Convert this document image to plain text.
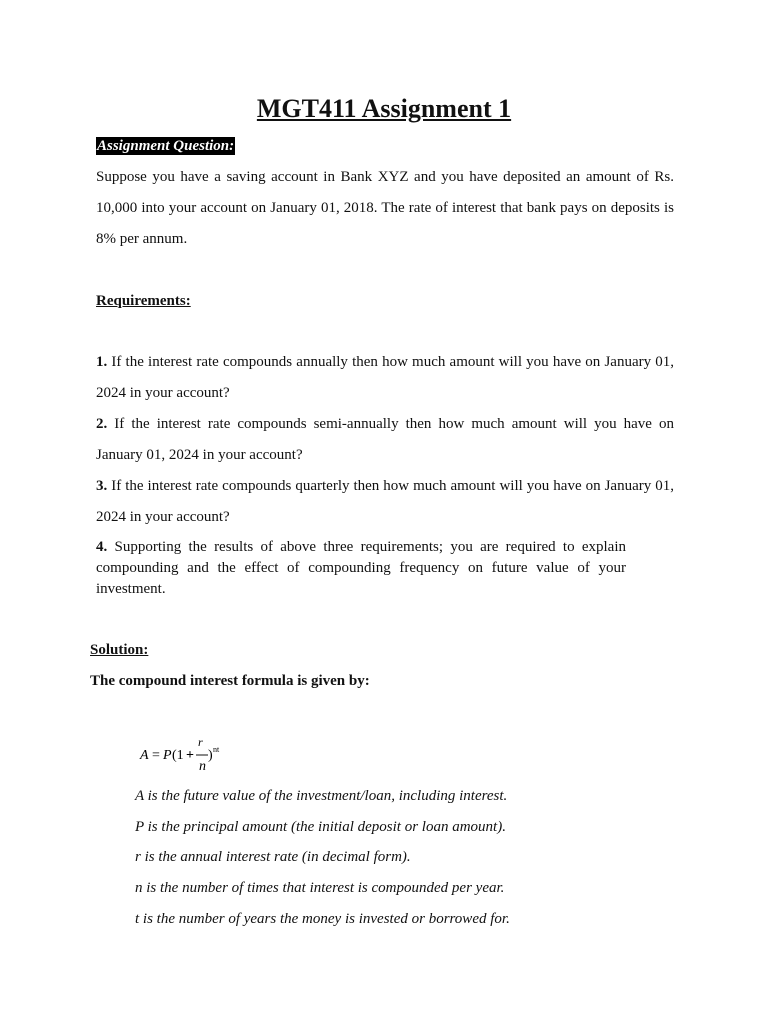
MGT411 Assignment 1
Assignment Question:

Suppose you have a saving account in Bank XYZ and you have deposited an amount of Rs. 10,000 into your account on January 01, 2018. The rate of interest that bank pays on deposits is 8% per annum.

Requirements:

1. If the interest rate compounds annually then how much amount will you have on January 01, 2024 in your account?

2. If the interest rate compounds semi-annually then how much amount will you have on January 01, 2024 in your account?

3. If the interest rate compounds quarterly then how much amount will you have on January 01, 2024 in your account?

4. Supporting the results of above three requirements; you are required to explain compounding and the effect of compounding frequency on future value of your investment.

Solution:
The compound interest formula is given by:
A = P (1 +
r
n
) nt
A is the future value of the investment/loan, including interest.
P is the principal amount (the initial deposit or loan amount).
r is the annual interest rate (in decimal form).
n is the number of times that interest is compounded per year.
t is the number of years the money is invested or borrowed for.
